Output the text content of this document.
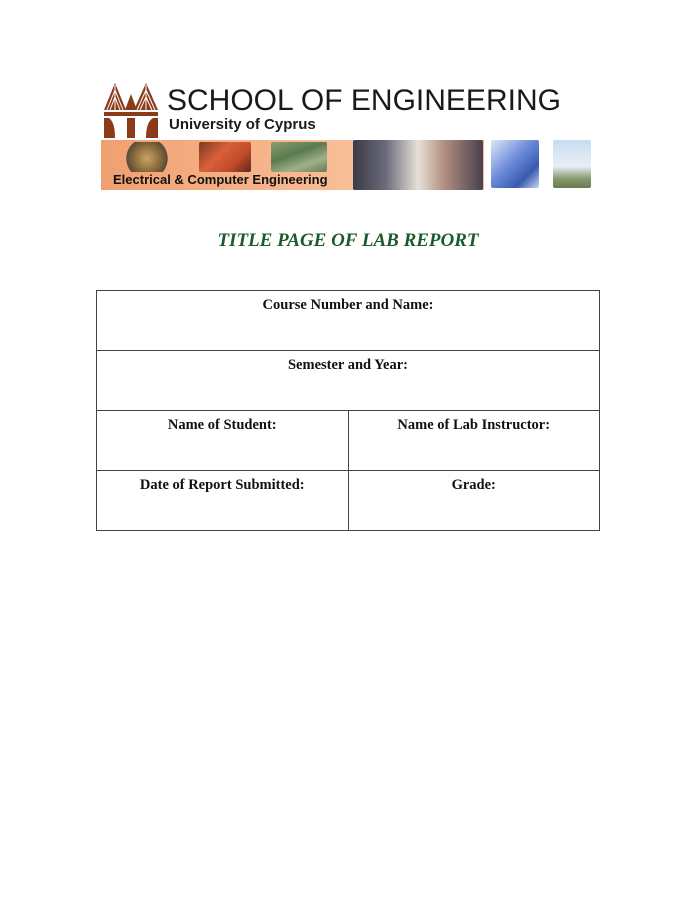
SCHOOL OF ENGINEERING
University of Cyprus
Electrical & Computer Engineering
TITLE PAGE OF LAB REPORT
Course Number and Name:	
Semester and Year:	
Name of Student:	Name of Lab Instructor:
Date of Report Submitted:	Grade:
